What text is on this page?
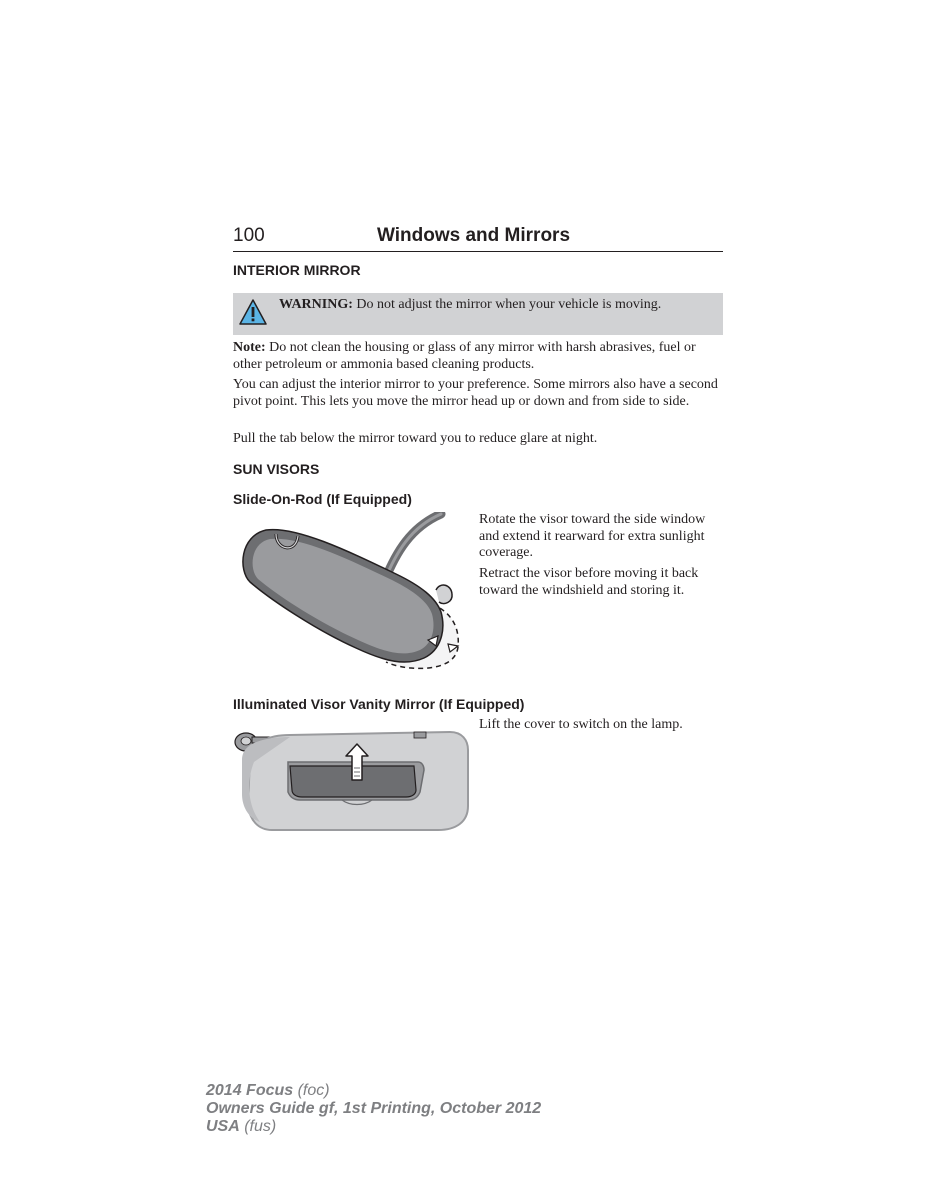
100	Windows and Mirrors
INTERIOR MIRROR
WARNING: Do not adjust the mirror when your vehicle is moving.

Note: Do not clean the housing or glass of any mirror with harsh abrasives, fuel or other petroleum or ammonia based cleaning products.

You can adjust the interior mirror to your preference. Some mirrors also have a second pivot point. This lets you move the mirror head up or down and from side to side.

Pull the tab below the mirror toward you to reduce glare at night.

SUN VISORS
Slide-On-Rod (If Equipped)

Rotate the visor toward the side window and extend it rearward for extra sunlight coverage.

Retract the visor before moving it back toward the windshield and storing it.

Illuminated Visor Vanity Mirror (If Equipped)

Lift the cover to switch on the lamp.

2014 Focus (foc)
Owners Guide gf, 1st Printing, October 2012
USA (fus)
